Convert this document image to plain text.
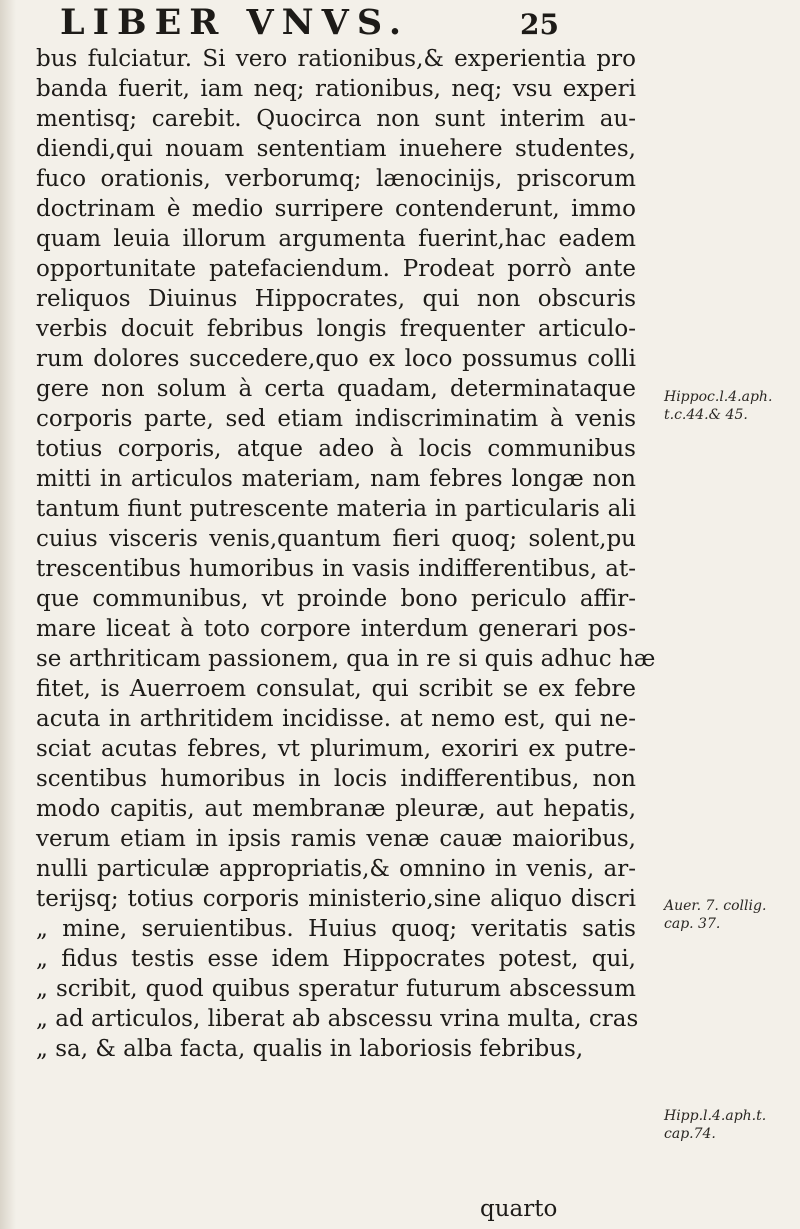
LIBER VNVS.	25
bus fulciatur. Si vero rationibus,& experientia pro
banda fuerit, iam neq; rationibus, neq; vsu experi
mentisq; carebit. Quocirca non sunt interim au-
diendi,qui nouam sententiam inuehere studentes,
fuco orationis, verborumq; lænocinijs, priscorum
doctrinam è medio surripere contenderunt, immo
quam leuia illorum argumenta fuerint,hac eadem
opportunitate patefaciendum. Prodeat porrò ante
reliquos Diuinus Hippocrates, qui non obscuris
verbis docuit febribus longis frequenter articulo-
rum dolores succedere,quo ex loco possumus colli
gere non solum à certa quadam, determinataque
corporis parte, sed etiam indiscriminatim à venis
totius corporis, atque adeo à locis communibus
mitti in articulos materiam, nam febres longæ non
tantum fiunt putrescente materia in particularis ali
cuius visceris venis,quantum fieri quoq; solent,pu
trescentibus humoribus in vasis indifferentibus, at-
que communibus, vt proinde bono periculo affir-
mare liceat à toto corpore interdum generari pos-
se arthriticam passionem, qua in re si quis adhuc hæ
fitet, is Auerroem consulat, qui scribit se ex febre
acuta in arthritidem incidisse. at nemo est, qui ne-
sciat acutas febres, vt plurimum, exoriri ex putre-
scentibus humoribus in locis indifferentibus, non
modo capitis, aut membranæ pleuræ, aut hepatis,
verum etiam in ipsis ramis venæ cauæ maioribus,
nulli particulæ appropriatis,& omnino in venis, ar-
terijsq; totius corporis ministerio,sine aliquo discri
„ mine, seruientibus. Huius quoq; veritatis satis
„ fidus testis esse idem Hippocrates potest, qui,
„ scribit, quod quibus speratur futurum abscessum
„ ad articulos, liberat ab abscessu vrina multa, cras
„ sa, & alba facta, qualis in laboriosis febribus,
quarto
Hippoc.l.4.aph.
t.c.44.& 45.
Auer. 7. collig.
cap. 37.
Hipp.l.4.aph.t.
cap.74.
